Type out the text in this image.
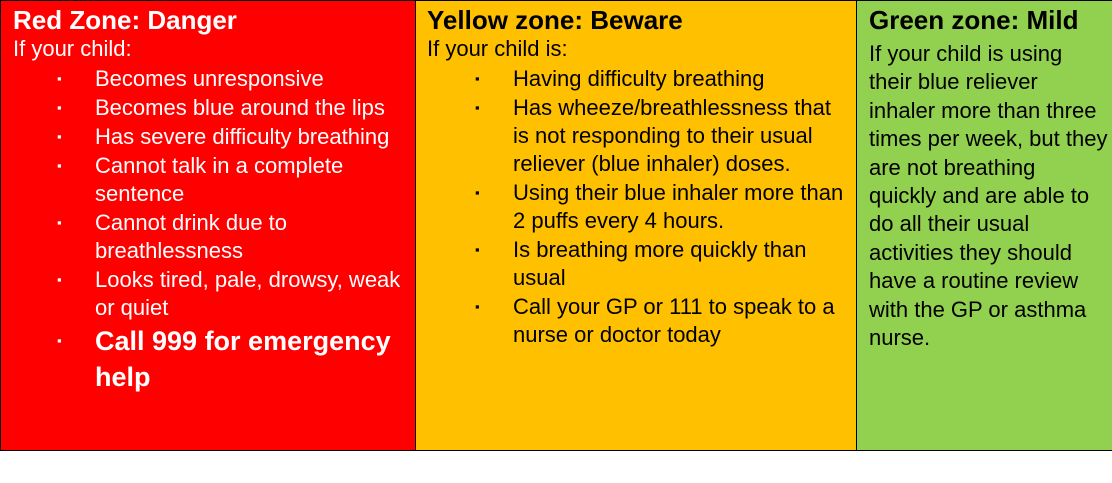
Red Zone: Danger

If your child:

▪ Becomes unresponsive
▪ Becomes blue around the lips
▪ Has severe difficulty breathing
▪ Cannot talk in a complete sentence
▪ Cannot drink due to breathlessness
▪ Looks tired, pale, drowsy, weak or quiet
▪ Call 999 for emergency help

Yellow zone: Beware

If your child is:

▪ Having difficulty breathing
▪ Has wheeze/breathlessness that is not responding to their usual reliever (blue inhaler) doses.
▪ Using their blue inhaler more than 2 puffs every 4 hours.
▪ Is breathing more quickly than usual
▪ Call your GP or 111 to speak to a nurse or doctor today

Green zone: Mild

If your child is using their blue reliever inhaler more than three times per week, but they are not breathing quickly and are able to do all their usual activities they should have a routine review with the GP or asthma nurse.
